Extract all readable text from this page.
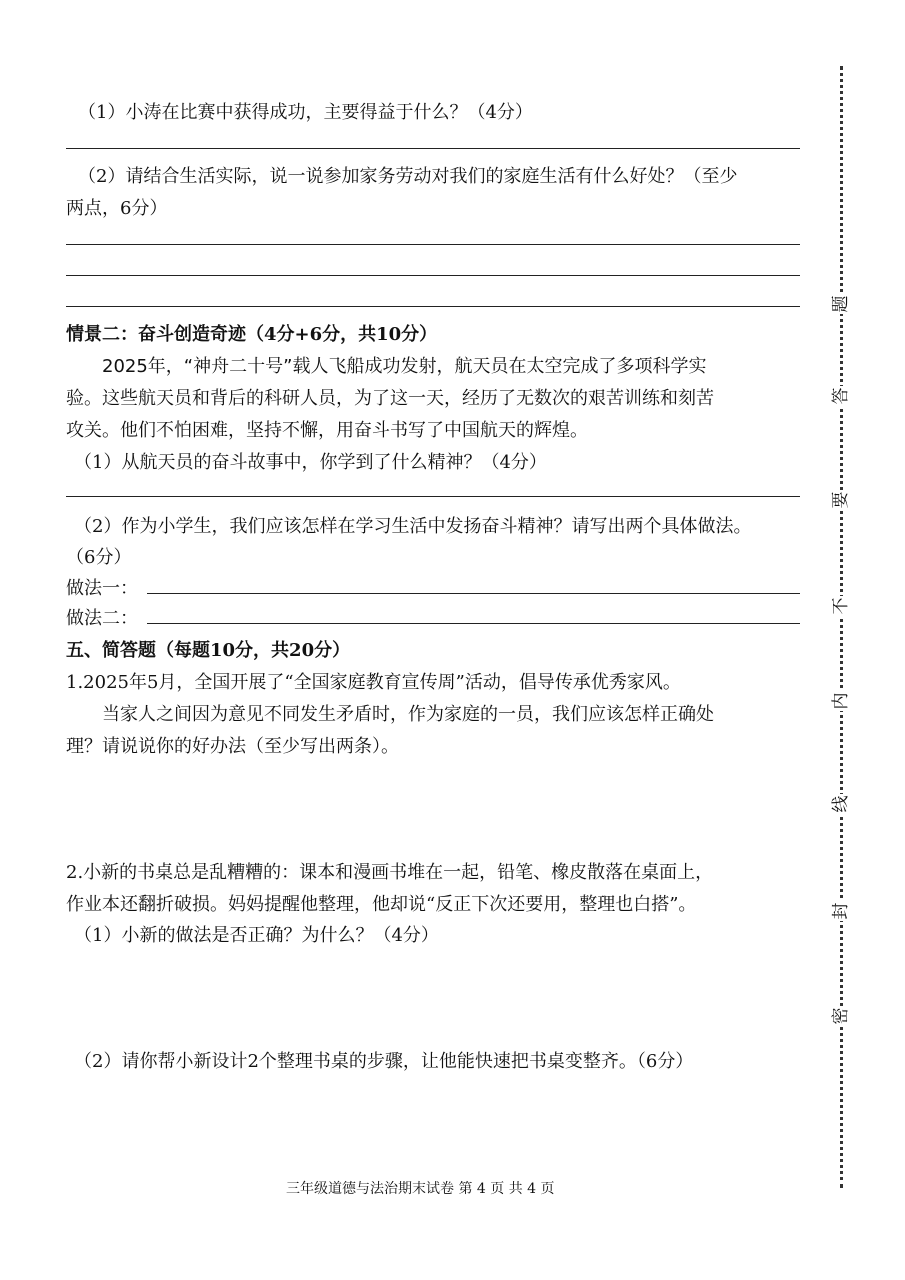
（1）小涛在比赛中获得成功，主要得益于什么？（4分）
（2）请结合生活实际，说一说参加家务劳动对我们的家庭生活有什么好处？（至少
两点，6分）
情景二：奋斗创造奇迹（4分+6分，共10分）
2025年，“神舟二十号”载人飞船成功发射，航天员在太空完成了多项科学实
验。这些航天员和背后的科研人员，为了这一天，经历了无数次的艰苦训练和刻苦
攻关。他们不怕困难，坚持不懈，用奋斗书写了中国航天的辉煌。
（1）从航天员的奋斗故事中，你学到了什么精神？（4分）
（2）作为小学生，我们应该怎样在学习生活中发扬奋斗精神？请写出两个具体做法。
（6分）
做法一：
做法二：
五、简答题（每题10分，共20分）
1.2025年5月，全国开展了“全国家庭教育宣传周”活动，倡导传承优秀家风。
当家人之间因为意见不同发生矛盾时，作为家庭的一员，我们应该怎样正确处
理？请说说你的好办法（至少写出两条）。
2.小新的书桌总是乱糟糟的：课本和漫画书堆在一起，铅笔、橡皮散落在桌面上，
作业本还翻折破损。妈妈提醒他整理，他却说“反正下次还要用，整理也白搭”。
（1）小新的做法是否正确？为什么？（4分）
（2）请你帮小新设计2个整理书桌的步骤，让他能快速把书桌变整齐。（6分）
三年级道德与法治期末试卷 第 4 页 共 4 页
题
答
要
不
内
线
封
密
